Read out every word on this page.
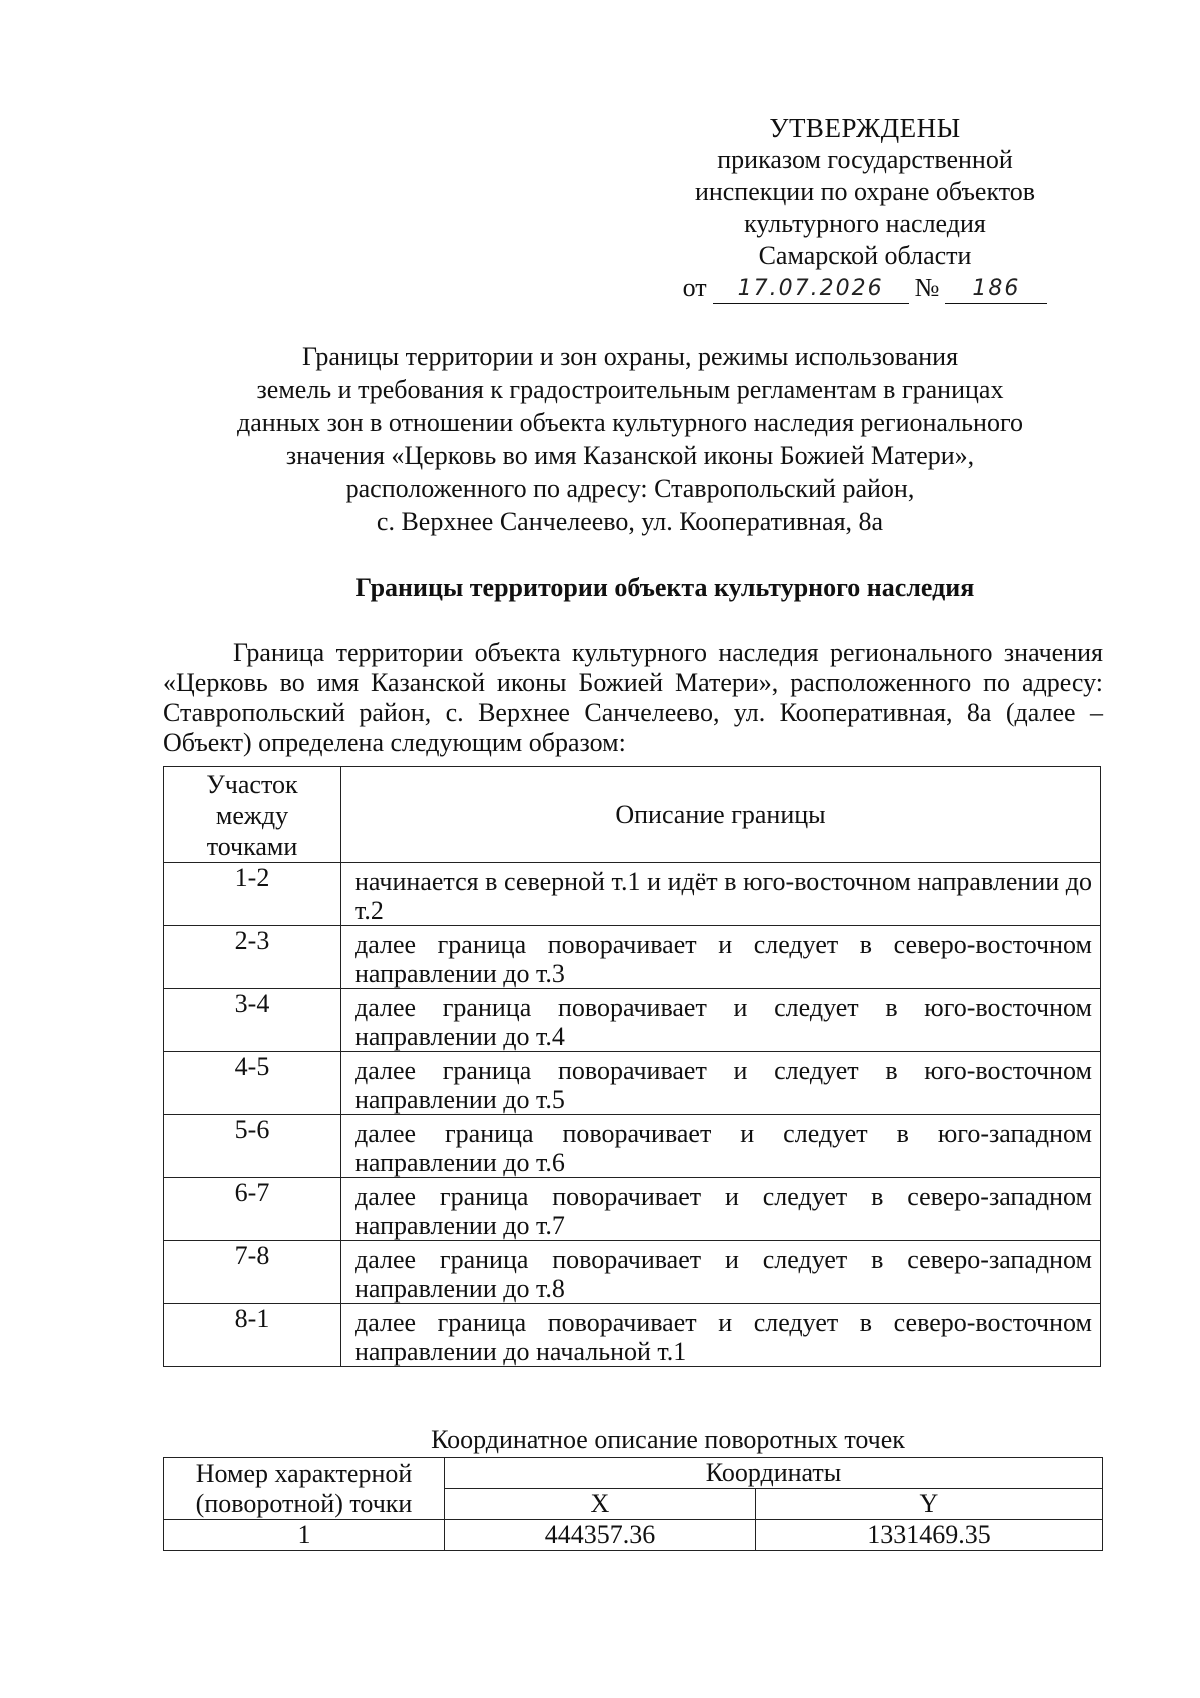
УТВЕРЖДЕНЫ
приказом государственной
инспекции по охране объектов
культурного наследия
Самарской области
от	17.07.2026	№	186
Границы территории и зон охраны, режимы использования
земель и требования к градостроительным регламентам в границах
данных зон в отношении объекта культурного наследия регионального
значения «Церковь во имя Казанской иконы Божией Матери»,
расположенного по адресу: Ставропольский район,
с. Верхнее Санчелеево, ул. Кооперативная, 8а
Границы территории объекта культурного наследия
Граница территории объекта культурного наследия регионального значения «Церковь во имя Казанской иконы Божией Матери», расположенного по адресу: Ставропольский район, с. Верхнее Санчелеево, ул. Кооперативная, 8а (далее – Объект) определена следующим образом:
Участок
между
точками	Описание границы
1-2	начинается в северной т.1 и идёт в юго-восточном направлении до т.2
2-3	далее граница поворачивает и следует в северо-восточном направлении до т.3
3-4	далее граница поворачивает и следует в юго-восточном направлении до т.4
4-5	далее граница поворачивает и следует в юго-восточном направлении до т.5
5-6	далее граница поворачивает и следует в юго-западном направлении до т.6
6-7	далее граница поворачивает и следует в северо-западном направлении до т.7
7-8	далее граница поворачивает и следует в северо-западном направлении до т.8
8-1	далее граница поворачивает и следует в северо-восточном направлении до начальной т.1
Координатное описание поворотных точек
Номер характерной
(поворотной) точки	Координаты	
	X	Y
1	444357.36	1331469.35
